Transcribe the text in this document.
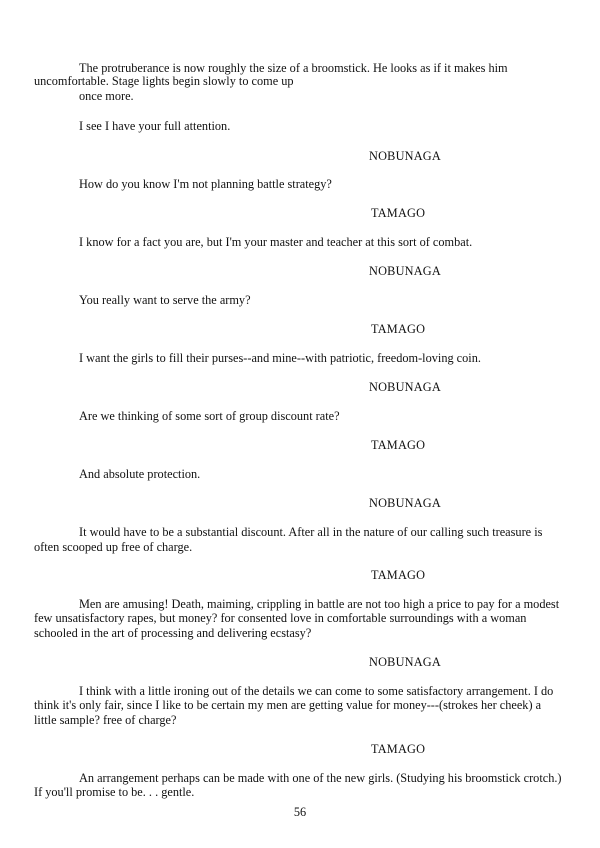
The protruberance is now roughly the size of a broomstick. He looks as if it makes him
uncomfortable. Stage lights begin slowly to come up
once more.
I see I have your full attention.
NOBUNAGA
How do you know I'm not planning battle strategy?
TAMAGO
I know for a fact you are, but I'm your master and teacher at this sort of combat.
NOBUNAGA
You really want to serve the army?
TAMAGO
I want the girls to fill their purses--and mine--with patriotic, freedom-loving coin.
NOBUNAGA
Are we thinking of some sort of group discount rate?
TAMAGO
And absolute protection.
NOBUNAGA
It would have to be a substantial discount. After all in the nature of our calling such treasure is
often scooped up free of charge.
TAMAGO
Men are amusing! Death, maiming, crippling in battle are not too high a price to pay for a modest
few unsatisfactory rapes, but money? for consented love in comfortable surroundings with a woman
schooled in the art of processing and delivering ecstasy?
NOBUNAGA
I think with a little ironing out of the details we can come to some satisfactory arrangement. I do
think it's only fair, since I like to be certain my men are getting value for money---(strokes her cheek) a
little sample? free of charge?
TAMAGO
An arrangement perhaps can be made with one of the new girls. (Studying his broomstick crotch.)
If you'll promise to be. . . gentle.
56
